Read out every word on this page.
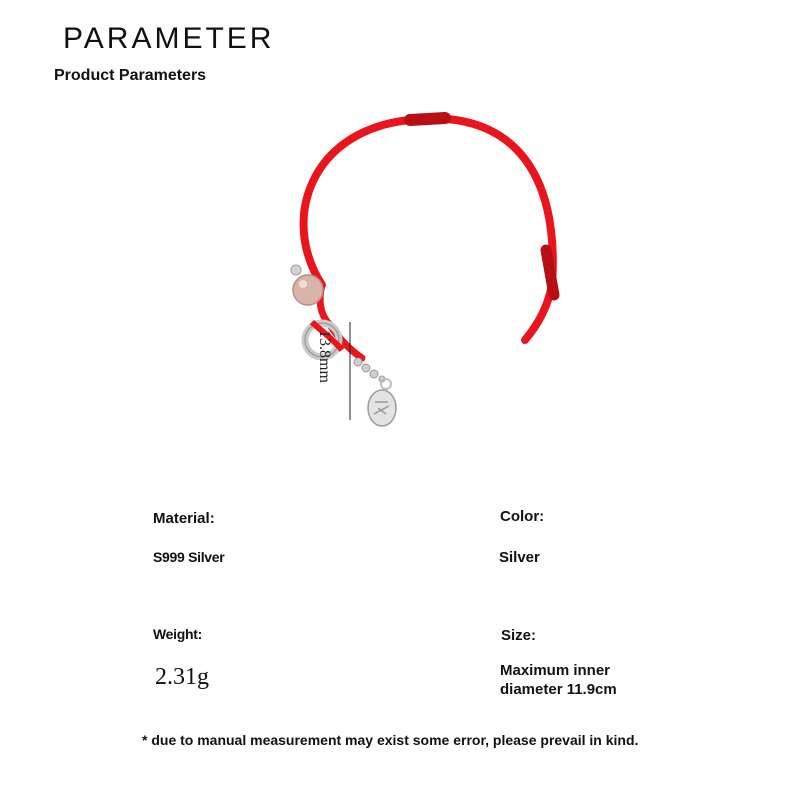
PARAMETER
Product Parameters
13.8mm
Material:
S999 Silver
Color:
Silver
Weight:
2.31g
Size:
Maximum inner diameter 11.9cm
* due to manual measurement may exist some error, please prevail in kind.
